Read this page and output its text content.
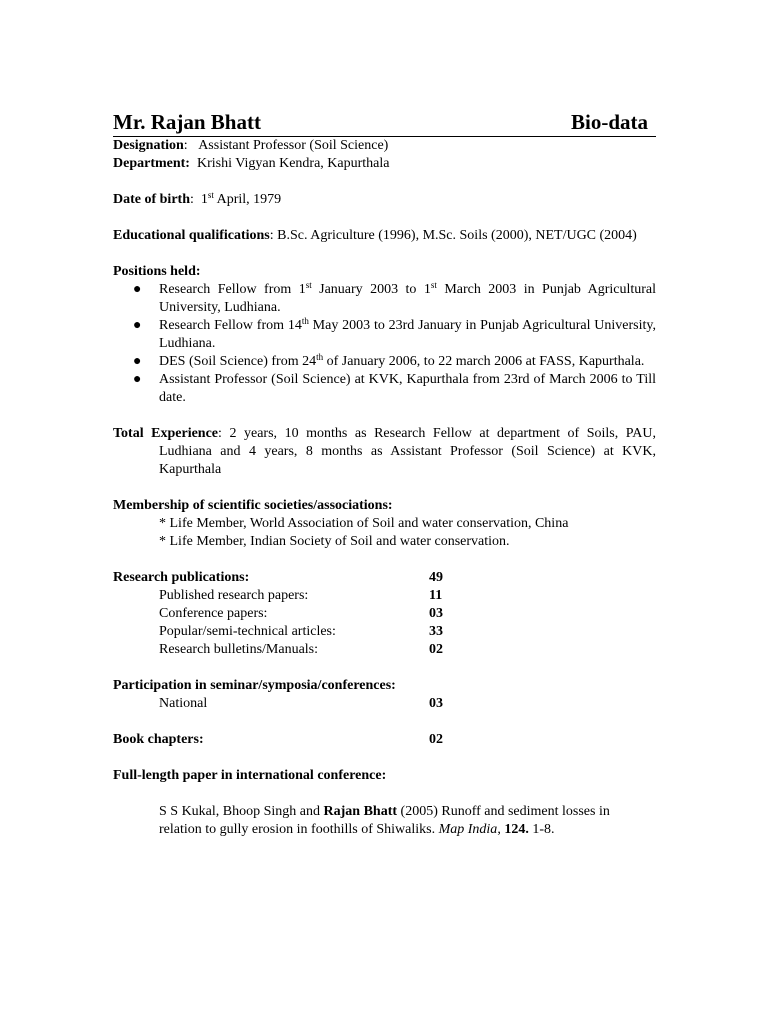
Mr. Rajan Bhatt	Bio-data

Designation:   Assistant Professor (Soil Science)

Department: Krishi Vigyan Kendra, Kapurthala

Date of birth:  1st April, 1979

Educational qualifications: B.Sc. Agriculture (1996), M.Sc. Soils (2000), NET/UGC (2004)

Positions held:

● Research Fellow from 1st January 2003 to 1st March 2003 in Punjab Agricultural University, Ludhiana.
● Research Fellow from 14th May 2003 to 23rd January in Punjab Agricultural University, Ludhiana.
● DES (Soil Science) from 24th of January 2006, to 22 march 2006 at FASS, Kapurthala.
● Assistant Professor (Soil Science) at KVK, Kapurthala from 23rd of March 2006 to Till date.

Total Experience: 2 years, 10 months as Research Fellow at department of Soils, PAU, Ludhiana and 4 years, 8 months as Assistant Professor (Soil Science) at KVK, Kapurthala

Membership of scientific societies/associations:

* Life Member, World Association of Soil and water conservation, China

* Life Member, Indian Society of Soil and water conservation.

Research publications:	49
Published research papers:	11
Conference papers:	03
Popular/semi-technical articles:	33
Research bulletins/Manuals:	02

Participation in seminar/symposia/conferences:

National	03
Book chapters:	02

Full-length paper in international conference:

S S Kukal, Bhoop Singh and Rajan Bhatt (2005) Runoff and sediment losses in relation to gully erosion in foothills of Shiwaliks. Map India, 124. 1-8.
